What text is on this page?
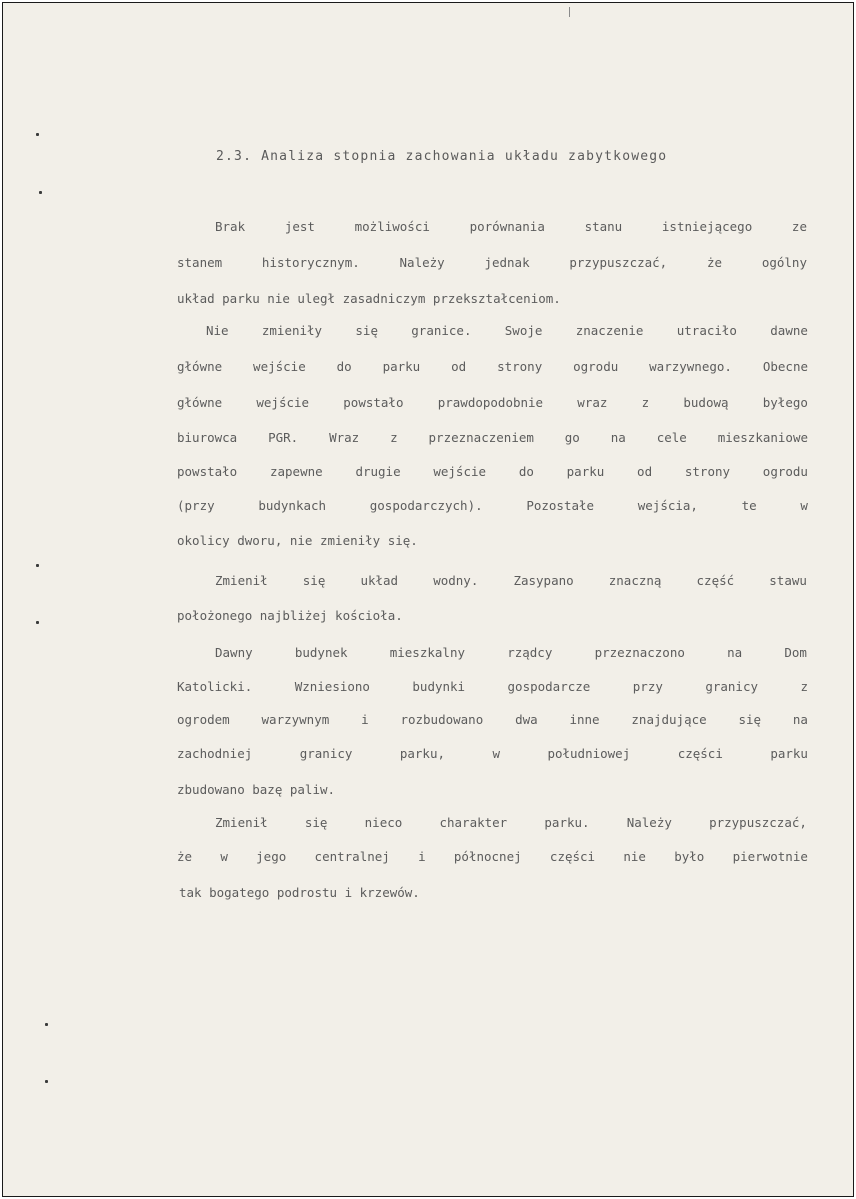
2.3. Analiza stopnia zachowania układu zabytkowego
Brak	jest	możliwości	porównania	stanu	istniejącego	ze
stanem	historycznym.	Należy	jednak	przypuszczać,	że	ogólny
układ parku nie uległ zasadniczym przekształceniom.
Nie	zmieniły	się	granice.	Swoje	znaczenie	utraciło	dawne
główne wejście do parku od strony ogrodu warzywnego. Obecne
główne	wejście	powstało	prawdopodobnie	wraz	z	budową	byłego
biurowca PGR. Wraz z przeznaczeniem go na cele mieszkaniowe
powstało	zapewne	drugie	wejście	do	parku	od	strony	ogrodu
(przy	budynkach	gospodarczych).	Pozostałe	wejścia,	te	w
okolicy dworu, nie zmieniły się.
Zmienił	się	układ	wodny.	Zasypano	znaczną	część	stawu
położonego najbliżej kościoła.
Dawny	budynek	mieszkalny	rządcy	przeznaczono	na	Dom
Katolicki.	Wzniesiono	budynki	gospodarcze	przy	granicy	z
ogrodem	warzywnym	i	rozbudowano	dwa	inne	znajdujące	się	na
zachodniej	granicy	parku,	w	południowej	części	parku
zbudowano bazę paliw.
Zmienił	się	nieco	charakter	parku.	Należy	przypuszczać,
że w jego centralnej i północnej części nie było pierwotnie
tak bogatego podrostu i krzewów.
